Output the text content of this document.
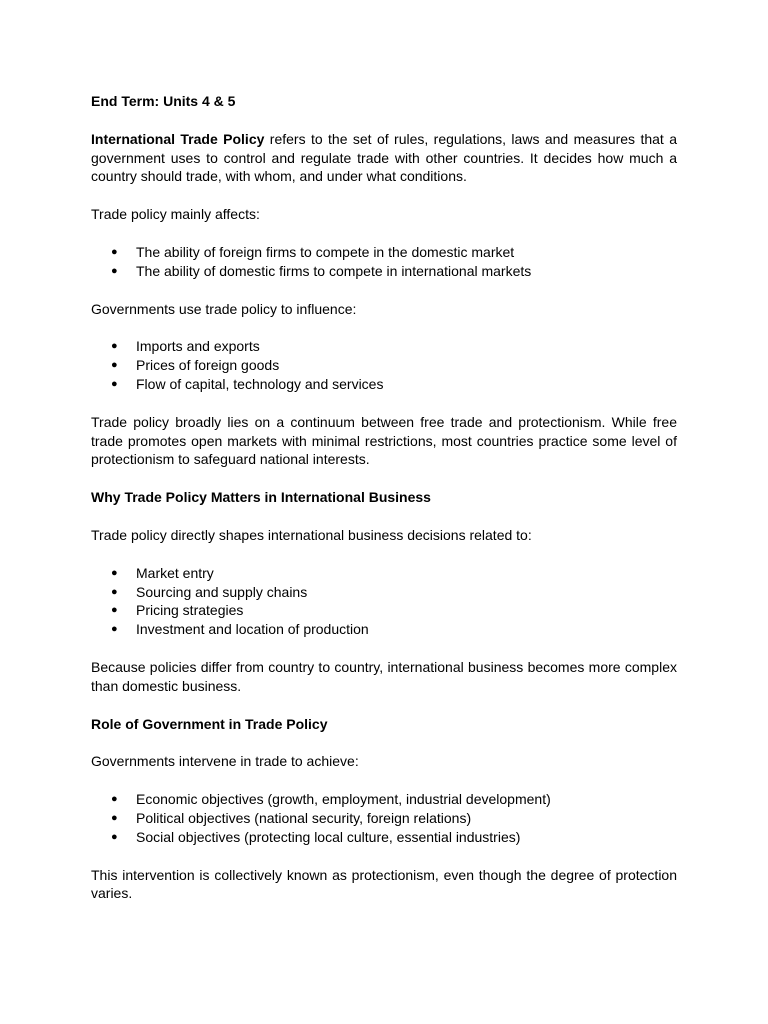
End Term: Units 4 & 5

International Trade Policy refers to the set of rules, regulations, laws and measures that a government uses to control and regulate trade with other countries. It decides how much a country should trade, with whom, and under what conditions.

Trade policy mainly affects:

● The ability of foreign firms to compete in the domestic market
● The ability of domestic firms to compete in international markets

Governments use trade policy to influence:

● Imports and exports
● Prices of foreign goods
● Flow of capital, technology and services

Trade policy broadly lies on a continuum between free trade and protectionism. While free trade promotes open markets with minimal restrictions, most countries practice some level of protectionism to safeguard national interests.

Why Trade Policy Matters in International Business

Trade policy directly shapes international business decisions related to:

● Market entry
● Sourcing and supply chains
● Pricing strategies
● Investment and location of production

Because policies differ from country to country, international business becomes more complex than domestic business.

Role of Government in Trade Policy

Governments intervene in trade to achieve:

● Economic objectives (growth, employment, industrial development)
● Political objectives (national security, foreign relations)
● Social objectives (protecting local culture, essential industries)

This intervention is collectively known as protectionism, even though the degree of protection varies.
